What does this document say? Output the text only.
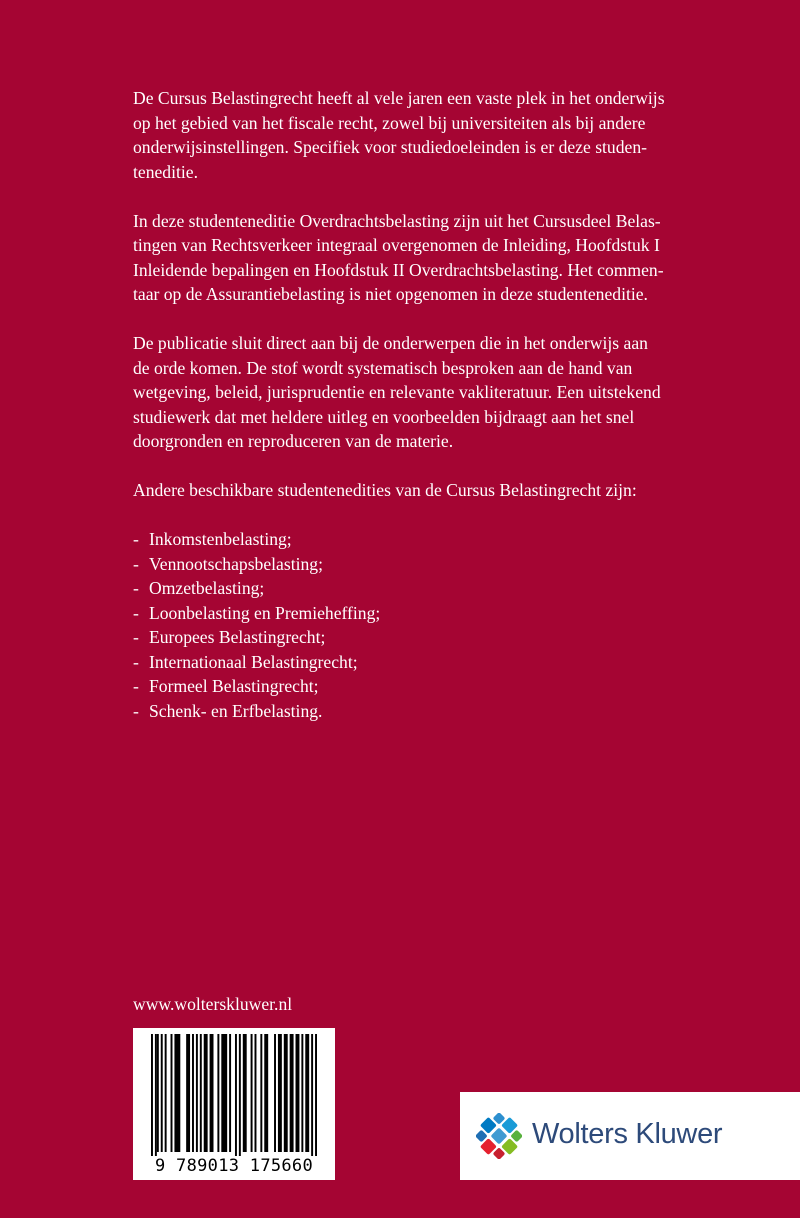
De Cursus Belastingrecht heeft al vele jaren een vaste plek in het onderwijs
op het gebied van het fiscale recht, zowel bij universiteiten als bij andere
onderwijsinstellingen. Specifiek voor studiedoeleinden is er deze studen-
teneditie.
In deze studenteneditie Overdrachtsbelasting zijn uit het Cursusdeel Belas-
tingen van Rechtsverkeer integraal overgenomen de Inleiding, Hoofdstuk I
Inleidende bepalingen en Hoofdstuk II Overdrachtsbelasting. Het commen-
taar op de Assurantiebelasting is niet opgenomen in deze studenteneditie.
De publicatie sluit direct aan bij de onderwerpen die in het onderwijs aan
de orde komen. De stof wordt systematisch besproken aan de hand van
wetgeving, beleid, jurisprudentie en relevante vakliteratuur. Een uitstekend
studiewerk dat met heldere uitleg en voorbeelden bijdraagt aan het snel
doorgronden en reproduceren van de materie.
Andere beschikbare studentenedities van de Cursus Belastingrecht zijn:
- Inkomstenbelasting;
- Vennootschapsbelasting;
- Omzetbelasting;
- Loonbelasting en Premieheffing;
- Europees Belastingrecht;
- Internationaal Belastingrecht;
- Formeel Belastingrecht;
- Schenk- en Erfbelasting.
www.wolterskluwer.nl
9 789013 175660
Wolters Kluwer
